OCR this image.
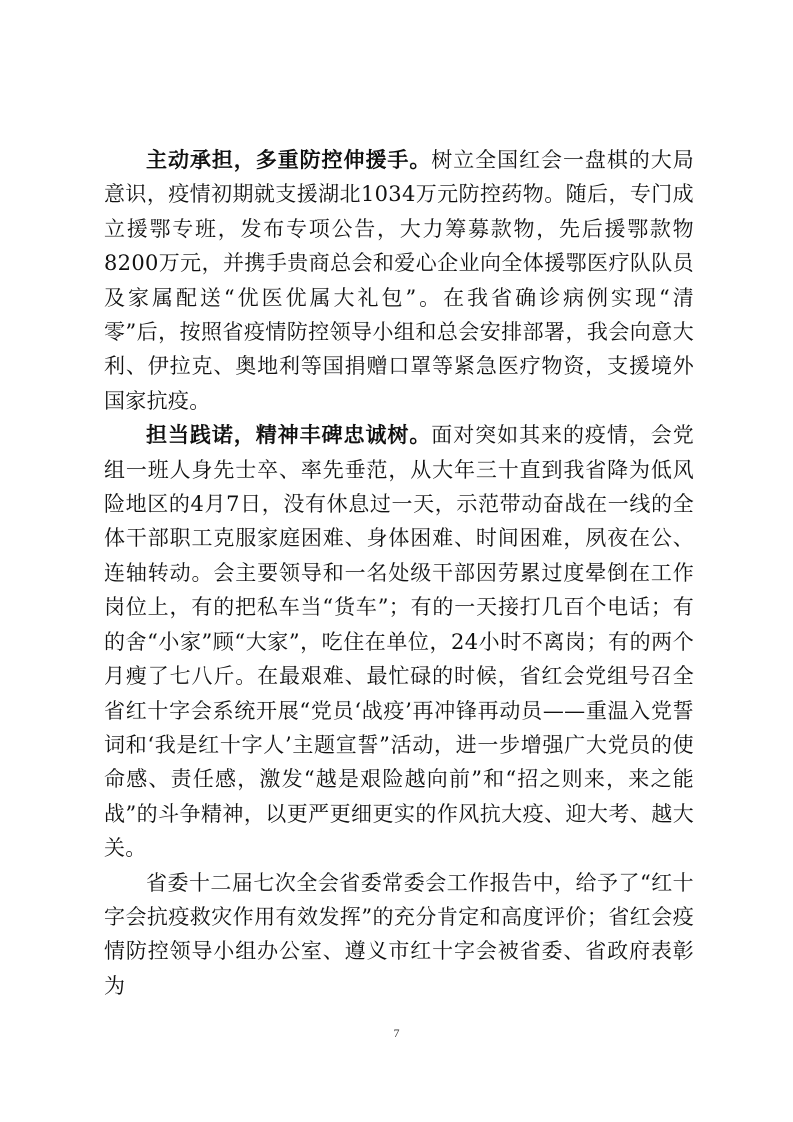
主动承担，多重防控伸援手。树立全国红会一盘棋的大局意识，疫情初期就支援湖北1034万元防控药物。随后，专门成立援鄂专班，发布专项公告，大力筹募款物，先后援鄂款物8200万元，并携手贵商总会和爱心企业向全体援鄂医疗队队员及家属配送“优医优属大礼包”。在我省确诊病例实现“清零”后，按照省疫情防控领导小组和总会安排部署，我会向意大利、伊拉克、奥地利等国捐赠口罩等紧急医疗物资，支援境外国家抗疫。

担当践诺，精神丰碑忠诚树。面对突如其来的疫情，会党组一班人身先士卒、率先垂范，从大年三十直到我省降为低风险地区的4月7日，没有休息过一天，示范带动奋战在一线的全体干部职工克服家庭困难、身体困难、时间困难，夙夜在公、连轴转动。会主要领导和一名处级干部因劳累过度晕倒在工作岗位上，有的把私车当“货车”；有的一天接打几百个电话；有的舍“小家”顾“大家”，吃住在单位，24小时不离岗；有的两个月瘦了七八斤。在最艰难、最忙碌的时候，省红会党组号召全省红十字会系统开展“党员‘战疫’再冲锋再动员——重温入党誓词和‘我是红十字人’主题宣誓”活动，进一步增强广大党员的使命感、责任感，激发“越是艰险越向前”和“招之则来，来之能战”的斗争精神，以更严更细更实的作风抗大疫、迎大考、越大关。

省委十二届七次全会省委常委会工作报告中，给予了“红十字会抗疫救灾作用有效发挥”的充分肯定和高度评价；省红会疫情防控领导小组办公室、遵义市红十字会被省委、省政府表彰为

7
